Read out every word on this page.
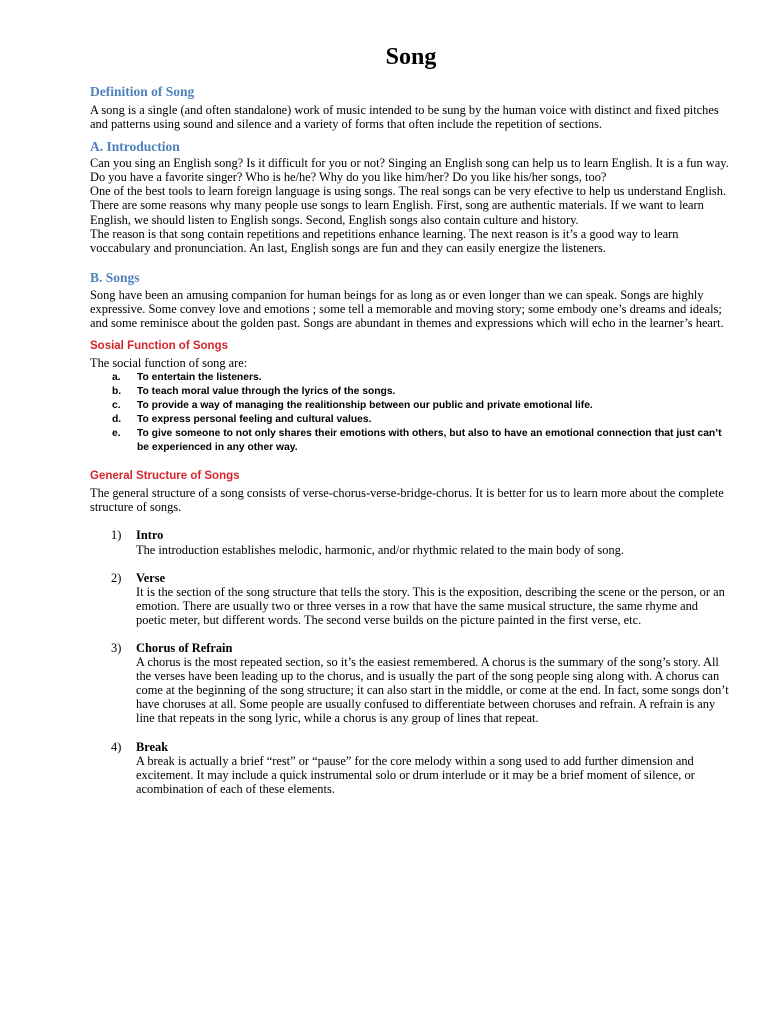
Song
Definition of Song

A song is a single (and often standalone) work of music intended to be sung by the human voice with distinct and fixed pitches and patterns using sound and silence and a variety of forms that often include the repetition of sections.

A. Introduction

Can you sing an English song? Is it difficult for you or not? Singing an English song can help us to learn English. It is a fun way.

Do you have a favorite singer? Who is he/he? Why do you like him/her? Do you like his/her songs, too?

One of the best tools to learn foreign language is using songs. The real songs can be very efective to help us understand English.

There are some reasons why many people use songs to learn English. First, song are authentic materials. If we want to learn English, we should listen to English songs. Second, English songs also contain culture and history.

The reason is that song contain repetitions and repetitions enhance learning. The next reason is it’s a good way to learn voccabulary and pronunciation. An last, English songs are fun and they can easily energize the listeners.

B. Songs

Song have been an amusing companion for human beings for as long as or even longer than we can speak. Songs are highly expressive. Some convey love and emotions ; some tell a memorable and moving story; some embody one’s dreams and ideals; and some reminisce about the golden past. Songs are abundant in themes and expressions which will echo in the learner’s heart.

Sosial Function of Songs

The social function of song are:

a. To entertain the listeners.
b. To teach moral value through the lyrics of the songs.
c. To provide a way of managing the realitionship between our public and private emotional life.
d. To express personal feeling and cultural values.
e. To give someone to not only shares their emotions with others, but also to have an emotional connection that just can’t be experienced in any other way.
General Structure of Songs

The general structure of a song consists of verse-chorus-verse-bridge-chorus. It is better for us to learn more about the complete structure of songs.

1) Intro

The introduction establishes melodic, harmonic, and/or rhythmic related to the main body of song.

2) Verse

It is the section of the song structure that tells the story. This is the exposition, describing the scene or the person, or an emotion. There are usually two or three verses in a row that have the same musical structure, the same rhyme and poetic meter, but different words. The second verse builds on the picture painted in the first verse, etc.

3) Chorus of Refrain

A chorus is the most repeated section, so it’s the easiest remembered. A chorus is the summary of the song’s story. All the verses have been leading up to the chorus, and is usually the part of the song people sing along with. A chorus can come at the beginning of the song structure; it can also start in the middle, or come at the end. In fact, some songs don’t have choruses at all. Some people are usually confused to differentiate between choruses and refrain. A refrain is any line that repeats in the song lyric, while a chorus is any group of lines that repeat.

4) Break

A break is actually a brief “rest” or “pause” for the core melody within a song used to add further dimension and excitement. It may include a quick instrumental solo or drum interlude or it may be a brief moment of silence, or acombination of each of these elements.
